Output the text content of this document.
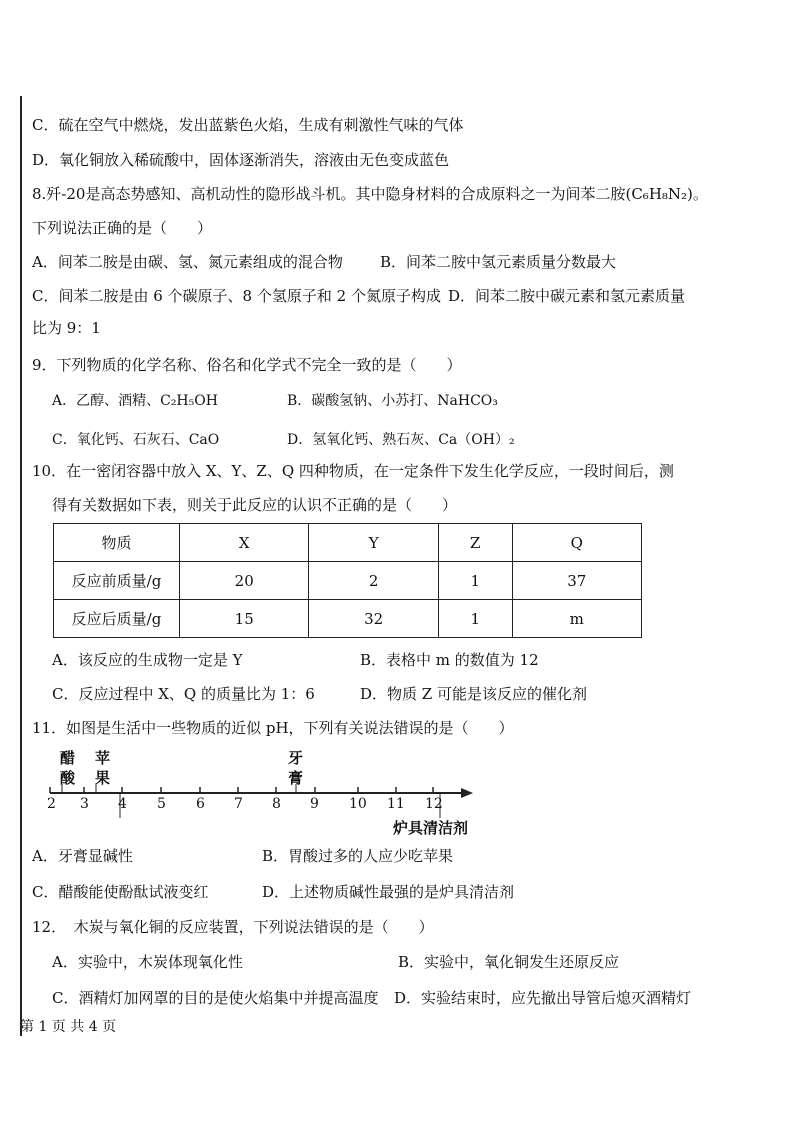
C．硫在空气中燃烧，发出蓝紫色火焰，生成有刺激性气味的气体
D．氧化铜放入稀硫酸中，固体逐渐消失，溶液由无色变成蓝色
8.歼-20是高态势感知、高机动性的隐形战斗机。其中隐身材料的合成原料之一为间苯二胺(C₆H₈N₂)。
下列说法正确的是（　　）
A．间苯二胺是由碳、氢、氮元素组成的混合物 B．间苯二胺中氢元素质量分数最大
C．间苯二胺是由 6 个碳原子、8 个氢原子和 2 个氮原子构成 D．间苯二胺中碳元素和氢元素质量
比为 9：1
9．下列物质的化学名称、俗名和化学式不完全一致的是（　　）
A．乙醇、酒精、C₂H₅OH	B．碳酸氢钠、小苏打、NaHCO₃
C．氧化钙、石灰石、CaO	D．氢氧化钙、熟石灰、Ca（OH）₂
10．在一密闭容器中放入 X、Y、Z、Q 四种物质，在一定条件下发生化学反应，一段时间后，测
得有关数据如下表，则关于此反应的认识不正确的是（　　）
物质	X	Y	Z	Q
反应前质量/g	20	2	1	37
反应后质量/g	15	32	1	m
A．该反应的生成物一定是 Y	B．表格中 m 的数值为 12
C．反应过程中 X、Q 的质量比为 1：6	D．物质 Z 可能是该反应的催化剂
11．如图是生活中一些物质的近似 pH，下列有关说法错误的是（　　）
醋
酸
苹
果
牙
膏
2 3 4 5 6 7 8 9 10 11 12
炉具清洁剂
A．牙膏显碱性	B．胃酸过多的人应少吃苹果
C．醋酸能使酚酞试液变红	D．上述物质碱性最强的是炉具清洁剂
12．　木炭与氧化铜的反应装置，下列说法错误的是（　　）
A．实验中，木炭体现氧化性	B．实验中，氧化铜发生还原反应
C．酒精灯加网罩的目的是使火焰集中并提高温度 D．实验结束时，应先撤出导管后熄灭酒精灯
第 1 页 共 4 页
